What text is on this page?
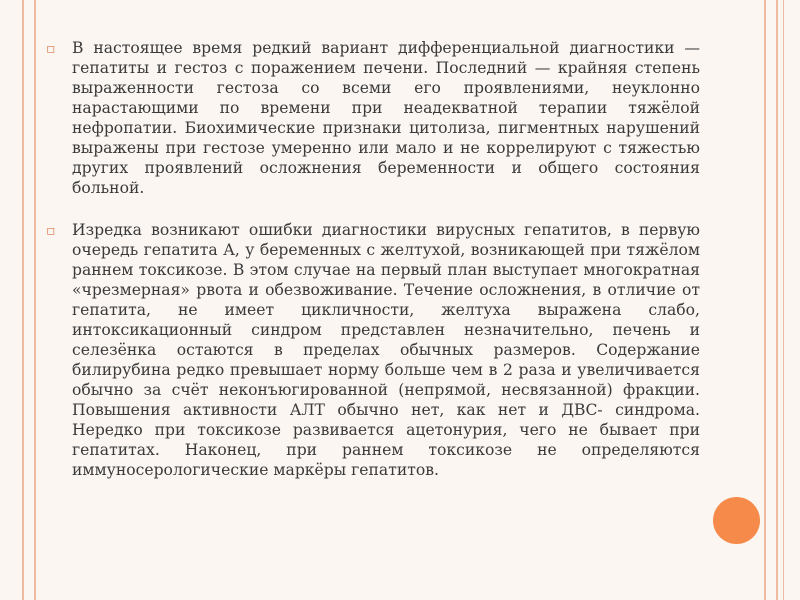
▫ В настоящее время редкий вариант дифференциальной диагностики — гепатиты и гестоз с поражением печени. Последний — крайняя степень выраженности гестоза со всеми его проявлениями, неуклонно нарастающими по времени при неадекватной терапии тяжёлой нефропатии. Биохимические признаки цитолиза, пигментных нарушений выражены при гестозе умеренно или мало и не коррелируют с тяжестью других проявлений осложнения беременности и общего состояния больной.
▫ Изредка возникают ошибки диагностики вирусных гепатитов, в первую очередь гепатита А, у беременных с желтухой, возникающей при тяжёлом раннем токсикозе. В этом случае на первый план выступает многократная «чрезмерная» рвота и обезвоживание. Течение осложнения, в отличие от гепатита, не имеет цикличности, желтуха выражена слабо, интоксикационный синдром представлен незначительно, печень и селезёнка остаются в пределах обычных размеров. Содержание билирубина редко превышает норму больше чем в 2 раза и увеличивается обычно за счёт неконъюгированной (непрямой, несвязанной) фракции. Повышения активности АЛТ обычно нет, как нет и ДВС- синдрома. Нередко при токсикозе развивается ацетонурия, чего не бывает при гепатитах. Наконец, при раннем токсикозе не определяются иммуносерологические маркёры гепатитов.
